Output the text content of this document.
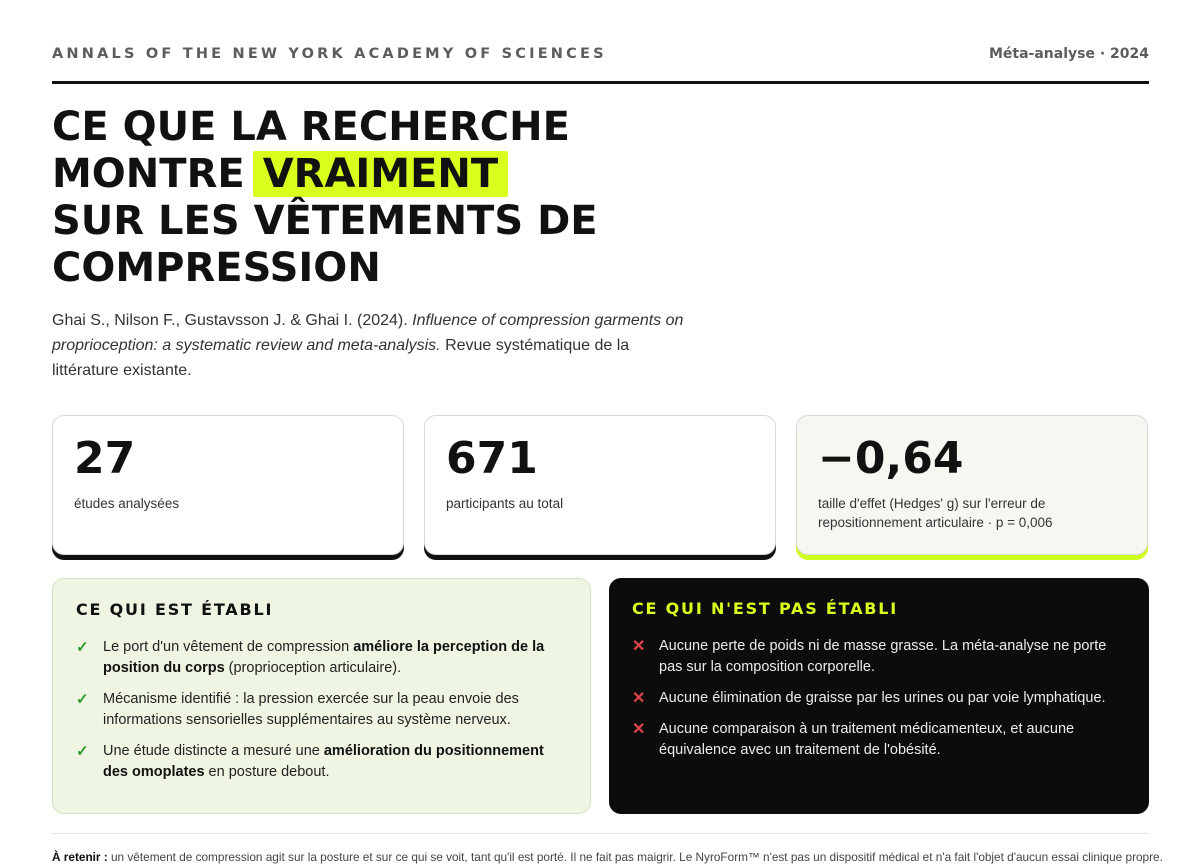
ANNALS OF THE NEW YORK ACADEMY OF SCIENCES	Méta-analyse · 2024
CE QUE LA RECHERCHE
MONTRE VRAIMENT
SUR LES VÊTEMENTS DE
COMPRESSION

Ghai S., Nilson F., Gustavsson J. & Ghai I. (2024). Influence of compression garments on proprioception: a systematic review and meta-analysis. Revue systématique de la littérature existante.

27
études analysées
671
participants au total
−0,64
taille d'effet (Hedges' g) sur l'erreur de repositionnement articulaire · p = 0,006
CE QUI EST ÉTABLI
✓ Le port d'un vêtement de compression améliore la perception de la position du corps (proprioception articulaire).
✓ Mécanisme identifié : la pression exercée sur la peau envoie des informations sensorielles supplémentaires au système nerveux.
✓ Une étude distincte a mesuré une amélioration du positionnement des omoplates en posture debout.
CE QUI N'EST PAS ÉTABLI
✕ Aucune perte de poids ni de masse grasse. La méta-analyse ne porte pas sur la composition corporelle.
✕ Aucune élimination de graisse par les urines ou par voie lymphatique.
✕ Aucune comparaison à un traitement médicamenteux, et aucune équivalence avec un traitement de l'obésité.
À retenir : un vêtement de compression agit sur la posture et sur ce qui se voit, tant qu'il est porté. Il ne fait pas maigrir. Le NyroForm™ n'est pas un dispositif médical et n'a fait l'objet d'aucun essai clinique propre.
